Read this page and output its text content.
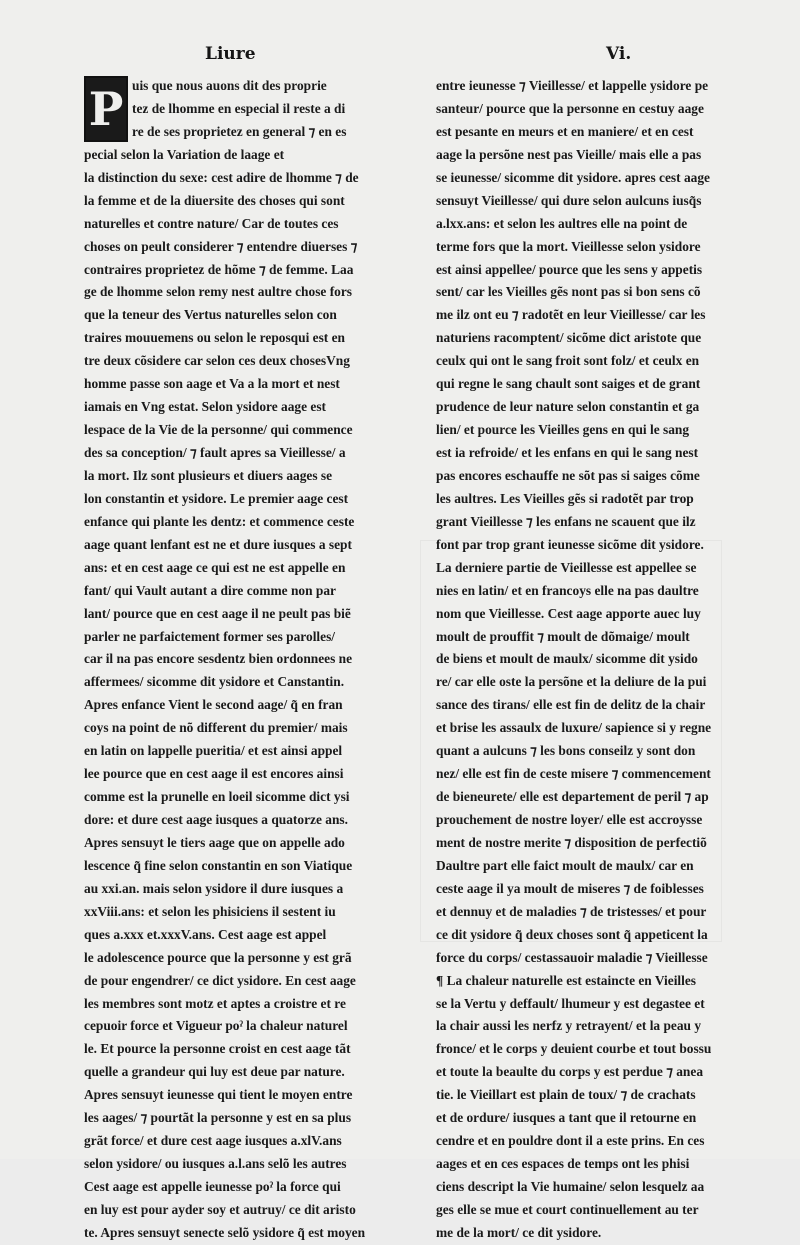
Liure	Vi.
P uis que nous auons dit des proprie
tez de lhomme en especial il reste a di
re de ses proprietez en general ⁊ en es
pecial selon la Variation de laage et
la distinction du sexe: cest adire de lhomme ⁊ de
la femme et de la diuersite des choses qui sont
naturelles et contre nature/ Car de toutes ces
choses on peult considerer ⁊ entendre diuerses ⁊
contraires proprietez de hõme ⁊ de femme. Laa
ge de lhomme selon remy nest aultre chose fors
que la teneur des Vertus naturelles selon con
traires mouuemens ou selon le reposqui est en
tre deux cõsidere car selon ces deux chosesVng
homme passe son aage et Va a la mort et nest
iamais en Vng estat. Selon ysidore aage est
lespace de la Vie de la personne/ qui commence
des sa conception/ ⁊ fault apres sa Vieillesse/ a
la mort. Ilz sont plusieurs et diuers aages se
lon constantin et ysidore. Le premier aage cest
enfance qui plante les dentz: et commence ceste
aage quant lenfant est ne et dure iusques a sept
ans: et en cest aage ce qui est ne est appelle en
fant/ qui Vault autant a dire comme non par
lant/ pource que en cest aage il ne peult pas biẽ
parler ne parfaictement former ses parolles/
car il na pas encore sesdentz bien ordonnees ne
affermees/ sicomme dit ysidore et Canstantin.
Apres enfance Vient le second aage/ q̃ en fran
coys na point de nõ different du premier/ mais
en latin on lappelle pueritia/ et est ainsi appel
lee pource que en cest aage il est encores ainsi
comme est la prunelle en loeil sicomme dict ysi
dore: et dure cest aage iusques a quatorze ans.
Apres sensuyt le tiers aage que on appelle ado
lescence q̃ fine selon constantin en son Viatique
au xxi.an. mais selon ysidore il dure iusques a
xxViii.ans: et selon les phisiciens il sestent iu
ques a.xxx et.xxxV.ans. Cest aage est appel
le adolescence pource que la personne y est grã
de pour engendrer/ ce dict ysidore. En cest aage
les membres sont motz et aptes a croistre et re
cepuoir force et Vigueur poˀ la chaleur naturel
le. Et pource la personne croist en cest aage tãt
quelle a grandeur qui luy est deue par nature.
Apres sensuyt ieunesse qui tient le moyen entre
les aages/ ⁊ pourtãt la personne y est en sa plus
grãt force/ et dure cest aage iusques a.xlV.ans
selon ysidore/ ou iusques a.l.ans selõ les autres
Cest aage est appelle ieunesse poˀ la force qui
en luy est pour ayder soy et autruy/ ce dit aristo
te. Apres sensuyt senecte selõ ysidore q̃ est moyen
entre ieunesse ⁊ Vieillesse/ et lappelle ysidore pe
santeur/ pource que la personne en cestuy aage
est pesante en meurs et en maniere/ et en cest
aage la persõne nest pas Vieille/ mais elle a pas
se ieunesse/ sicomme dit ysidore. apres cest aage
sensuyt Vieillesse/ qui dure selon aulcuns iusq̃s
a.lxx.ans: et selon les aultres elle na point de
terme fors que la mort. Vieillesse selon ysidore
est ainsi appellee/ pource que les sens y appetis
sent/ car les Vieilles gẽs nont pas si bon sens cõ
me ilz ont eu ⁊ radotẽt en leur Vieillesse/ car les
naturiens racomptent/ sicõme dict aristote que
ceulx qui ont le sang froit sont folz/ et ceulx en
qui regne le sang chault sont saiges et de grant
prudence de leur nature selon constantin et ga
lien/ et pource les Vieilles gens en qui le sang
est ia refroide/ et les enfans en qui le sang nest
pas encores eschauffe ne sõt pas si saiges cõme
les aultres. Les Vieilles gẽs si radotẽt par trop
grant Vieillesse ⁊ les enfans ne scauent que ilz
font par trop grant ieunesse sicõme dit ysidore.
La derniere partie de Vieillesse est appellee se
nies en latin/ et en francoys elle na pas daultre
nom que Vieillesse. Cest aage apporte auec luy
moult de prouffit ⁊ moult de dõmaige/ moult
de biens et moult de maulx/ sicomme dit ysido
re/ car elle oste la persõne et la deliure de la pui
sance des tirans/ elle est fin de delitz de la chair
et brise les assaulx de luxure/ sapience si y regne
quant a aulcuns ⁊ les bons conseilz y sont don
nez/ elle est fin de ceste misere ⁊ commencement
de bieneurete/ elle est departement de peril ⁊ ap
prouchement de nostre loyer/ elle est accroysse
ment de nostre merite ⁊ disposition de perfectiõ
Daultre part elle faict moult de maulx/ car en
ceste aage il ya moult de miseres ⁊ de foiblesses
et dennuy et de maladies ⁊ de tristesses/ et pour
ce dit ysidore q̃ deux choses sont q̃ appeticent la
force du corps/ cestassauoir maladie ⁊ Vieillesse
¶ La chaleur naturelle est estaincte en Vieilles
se la Vertu y deffault/ lhumeur y est degastee et
la chair aussi les nerfz y retrayent/ et la peau y
fronce/ et le corps y deuient courbe et tout bossu
et toute la beaulte du corps y est perdue ⁊ anea
tie. le Vieillart est plain de toux/ ⁊ de crachats
et de ordure/ iusques a tant que il retourne en
cendre et en pouldre dont il a este prins. En ces
aages et en ces espaces de temps ont les phisi
ciens descript la Vie humaine/ selon lesquelz aa
ges elle se mue et court continuellement au ter
me de la mort/ ce dit ysidore.
